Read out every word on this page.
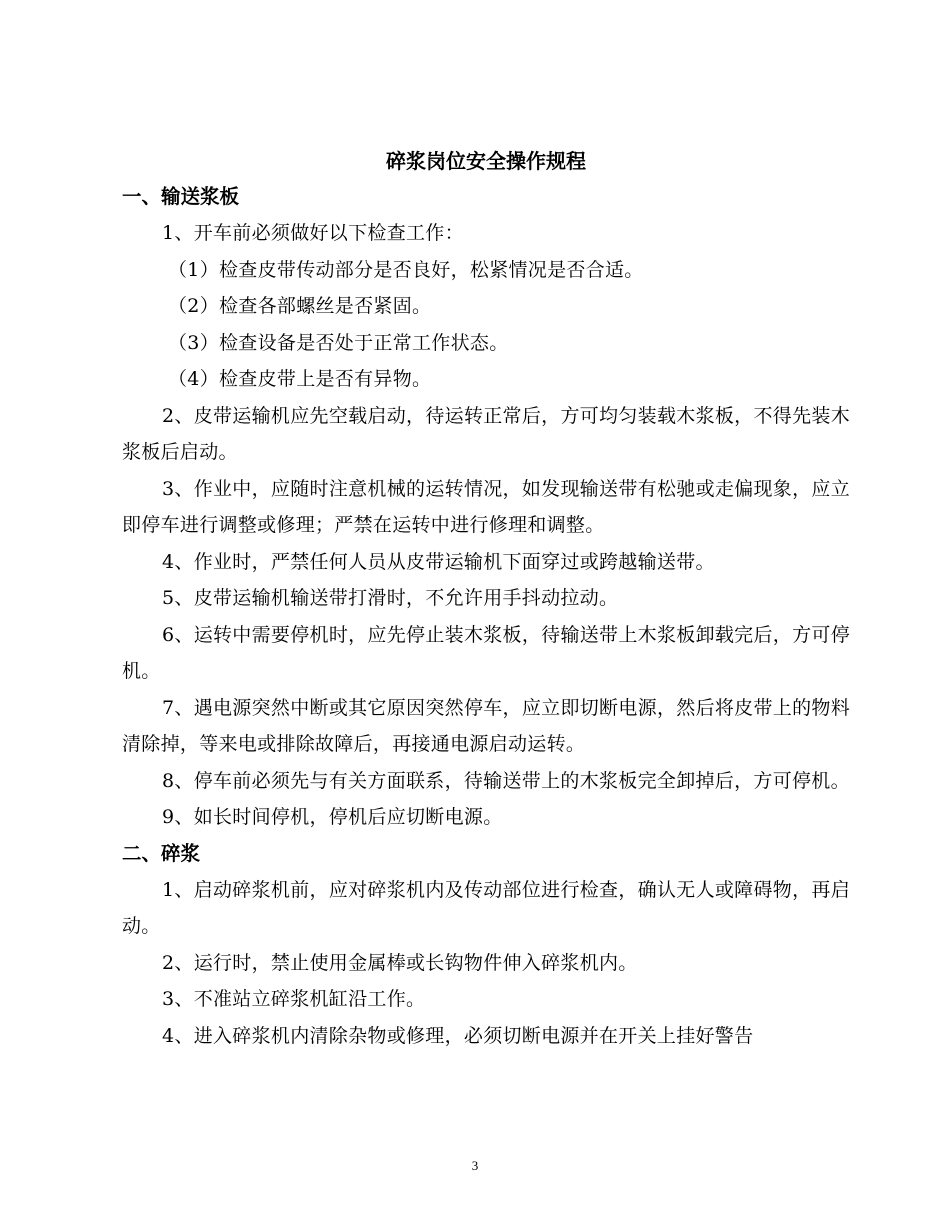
碎浆岗位安全操作规程
一、输送浆板

1、开车前必须做好以下检查工作：

（1）检查皮带传动部分是否良好，松紧情况是否合适。

（2）检查各部螺丝是否紧固。

（3）检查设备是否处于正常工作状态。

（4）检查皮带上是否有异物。

2、皮带运输机应先空载启动，待运转正常后，方可均匀装载木浆板，不得先装木浆板后启动。

3、作业中，应随时注意机械的运转情况，如发现输送带有松驰或走偏现象，应立即停车进行调整或修理；严禁在运转中进行修理和调整。

4、作业时，严禁任何人员从皮带运输机下面穿过或跨越输送带。

5、皮带运输机输送带打滑时，不允许用手抖动拉动。

6、运转中需要停机时，应先停止装木浆板，待输送带上木浆板卸载完后，方可停机。

7、遇电源突然中断或其它原因突然停车，应立即切断电源，然后将皮带上的物料清除掉，等来电或排除故障后，再接通电源启动运转。

8、停车前必须先与有关方面联系，待输送带上的木浆板完全卸掉后，方可停机。

9、如长时间停机，停机后应切断电源。

二、碎浆

1、启动碎浆机前，应对碎浆机内及传动部位进行检查，确认无人或障碍物，再启动。

2、运行时，禁止使用金属棒或长钩物件伸入碎浆机内。

3、不准站立碎浆机缸沿工作。

4、进入碎浆机内清除杂物或修理，必须切断电源并在开关上挂好警告

3
